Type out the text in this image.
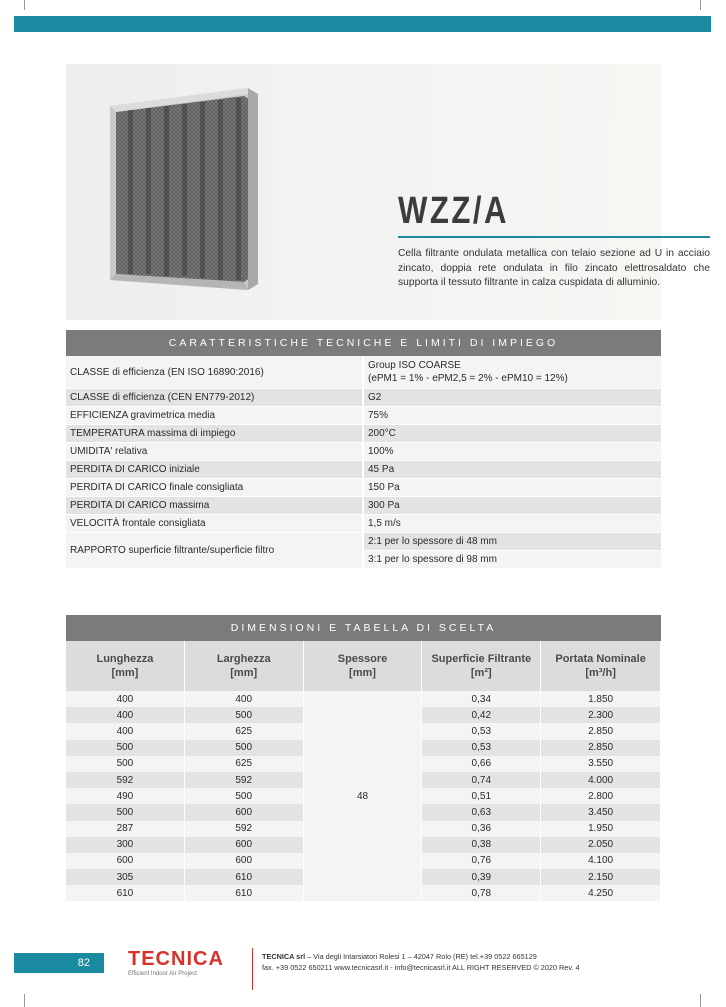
WZZ/A
Cella filtrante ondulata metallica con telaio sezione ad U in acciaio zincato, doppia rete ondulata in filo zincato elettrosaldato che supporta il tessuto filtrante in calza cuspidata di alluminio.
CARATTERISTICHE TECNICHE E LIMITI DI IMPIEGO
CLASSE di efficienza (EN ISO 16890:2016)	Group ISO COARSE
(ePM1 = 1% - ePM2,5 = 2% - ePM10 = 12%)

CLASSE di efficienza (CEN EN779-2012)	G2
EFFICIENZA gravimetrica media	75%
TEMPERATURA massima di impiego	200°C
UMIDITA' relativa	100%
PERDITA DI CARICO iniziale	45 Pa
PERDITA DI CARICO finale consigliata	150 Pa
PERDITA DI CARICO massima	300 Pa
VELOCITÀ frontale consigliata	1,5 m/s
RAPPORTO superficie filtrante/superficie filtro	2:1 per lo spessore di 48 mm
	3:1 per lo spessore di 98 mm
DIMENSIONI E TABELLA DI SCELTA
Lunghezza
[mm]	Larghezza
[mm]	Spessore
[mm]	Superficie Filtrante
[m²]	Portata Nominale
[m³/h]

400	400	48	0,34	1.850
400	500		0,42	2.300
400	625		0,53	2.850
500	500		0,53	2.850
500	625		0,66	3.550
592	592		0,74	4.000
490	500		0,51	2.800
500	600		0,63	3.450
287	592		0,36	1.950
300	600		0,38	2.050
600	600		0,76	4.100
305	610		0,39	2.150
610	610		0,78	4.250
82	TECNICA
Efficient Indoor Air Project
TECNICA srl – Via degli Intarsiatori Rolesi 1 – 42047 Rolo (RE) tel.+39 0522 665129
fax. +39 0522 650211 www.tecnicasrl.it - info@tecnicasrl.it ALL RIGHT RESERVED © 2020 Rev. 4
